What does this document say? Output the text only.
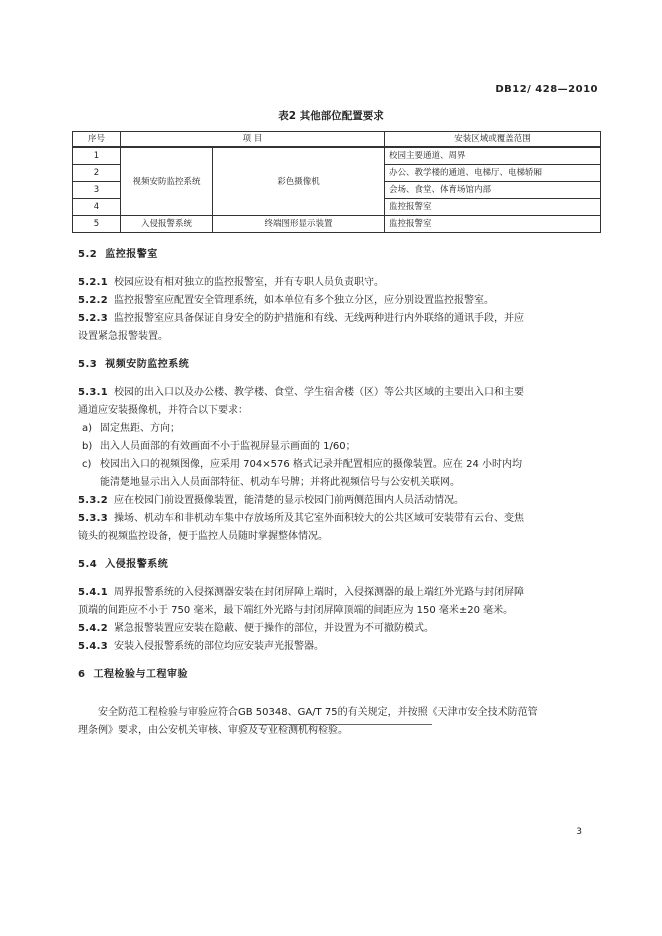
DB12/ 428—2010
表2 其他部位配置要求
序号	项 目		安装区域或覆盖范围
1	视频安防监控系统	彩色摄像机	校园主要通道、周界
2			办公、教学楼的通道、电梯厅、电梯轿厢
3			会场、食堂、体育场馆内部
4			监控报警室
5	入侵报警系统	终端图形显示装置	监控报警室

5.2 监控报警室

5.2.1 校园应设有相对独立的监控报警室，并有专职人员负责职守。

5.2.2 监控报警室应配置安全管理系统，如本单位有多个独立分区，应分别设置监控报警室。

5.2.3 监控报警室应具备保证自身安全的防护措施和有线、无线两种进行内外联络的通讯手段，并应

设置紧急报警装置。

5.3 视频安防监控系统

5.3.1 校园的出入口以及办公楼、教学楼、食堂、学生宿舍楼（区）等公共区域的主要出入口和主要

通道应安装摄像机，并符合以下要求：

a) 固定焦距、方向；

b) 出入人员面部的有效画面不小于监视屏显示画面的 1/60；

c) 校园出入口的视频图像，应采用 704×576 格式记录并配置相应的摄像装置。应在 24 小时内均

能清楚地显示出入人员面部特征、机动车号牌；并将此视频信号与公安机关联网。

5.3.2 应在校园门前设置摄像装置，能清楚的显示校园门前两侧范围内人员活动情况。

5.3.3 操场、机动车和非机动车集中存放场所及其它室外面积较大的公共区域可安装带有云台、变焦

镜头的视频监控设备，便于监控人员随时掌握整体情况。

5.4 入侵报警系统

5.4.1 周界报警系统的入侵探测器安装在封闭屏障上端时，入侵探测器的最上端红外光路与封闭屏障

顶端的间距应不小于 750 毫米，最下端红外光路与封闭屏障顶端的间距应为 150 毫米±20 毫米。

5.4.2 紧急报警装置应安装在隐蔽、便于操作的部位，并设置为不可撤防模式。

5.4.3 安装入侵报警系统的部位均应安装声光报警器。

6 工程检验与工程审验

安全防范工程检验与审验应符合GB 50348、GA/T 75的有关规定，并按照《天津市安全技术防范管

理条例》要求，由公安机关审核、审验及专业检测机构检验。

3
